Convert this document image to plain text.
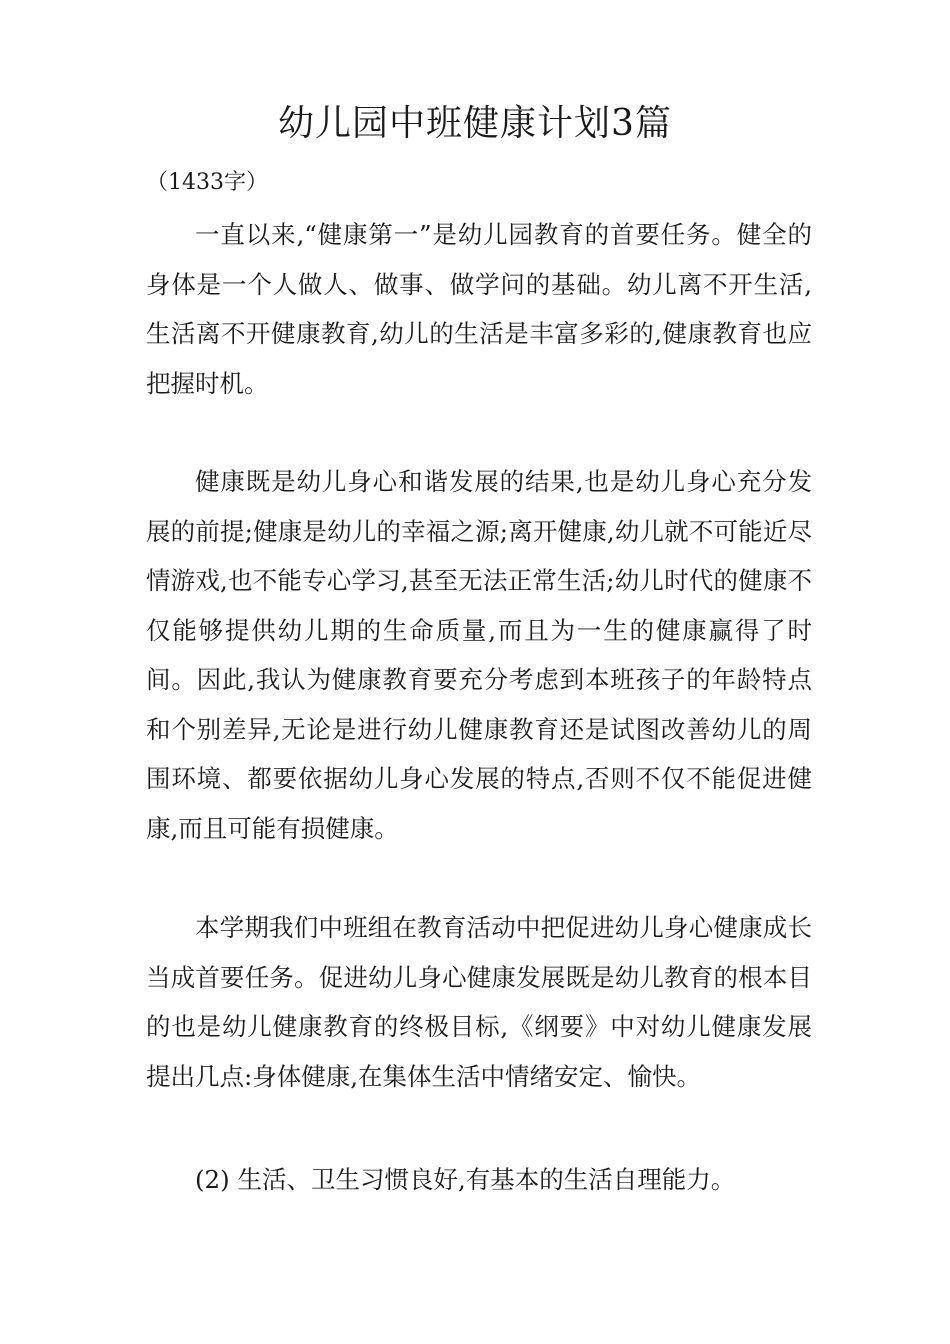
幼儿园中班健康计划3篇

（1433字）

一直以来,“健康第一”是幼儿园教育的首要任务。健全的身体是一个人做人、做事、做学问的基础。幼儿离不开生活,生活离不开健康教育,幼儿的生活是丰富多彩的,健康教育也应把握时机。

健康既是幼儿身心和谐发展的结果,也是幼儿身心充分发展的前提;健康是幼儿的幸福之源;离开健康,幼儿就不可能近尽情游戏,也不能专心学习,甚至无法正常生活;幼儿时代的健康不仅能够提供幼儿期的生命质量,而且为一生的健康赢得了时间。因此,我认为健康教育要充分考虑到本班孩子的年龄特点和个别差异,无论是进行幼儿健康教育还是试图改善幼儿的周围环境、都要依据幼儿身心发展的特点,否则不仅不能促进健康,而且可能有损健康。

本学期我们中班组在教育活动中把促进幼儿身心健康成长当成首要任务。促进幼儿身心健康发展既是幼儿教育的根本目的也是幼儿健康教育的终极目标,《纲要》中对幼儿健康发展提出几点:身体健康,在集体生活中情绪安定、愉快。

(2) 生活、卫生习惯良好,有基本的生活自理能力。
